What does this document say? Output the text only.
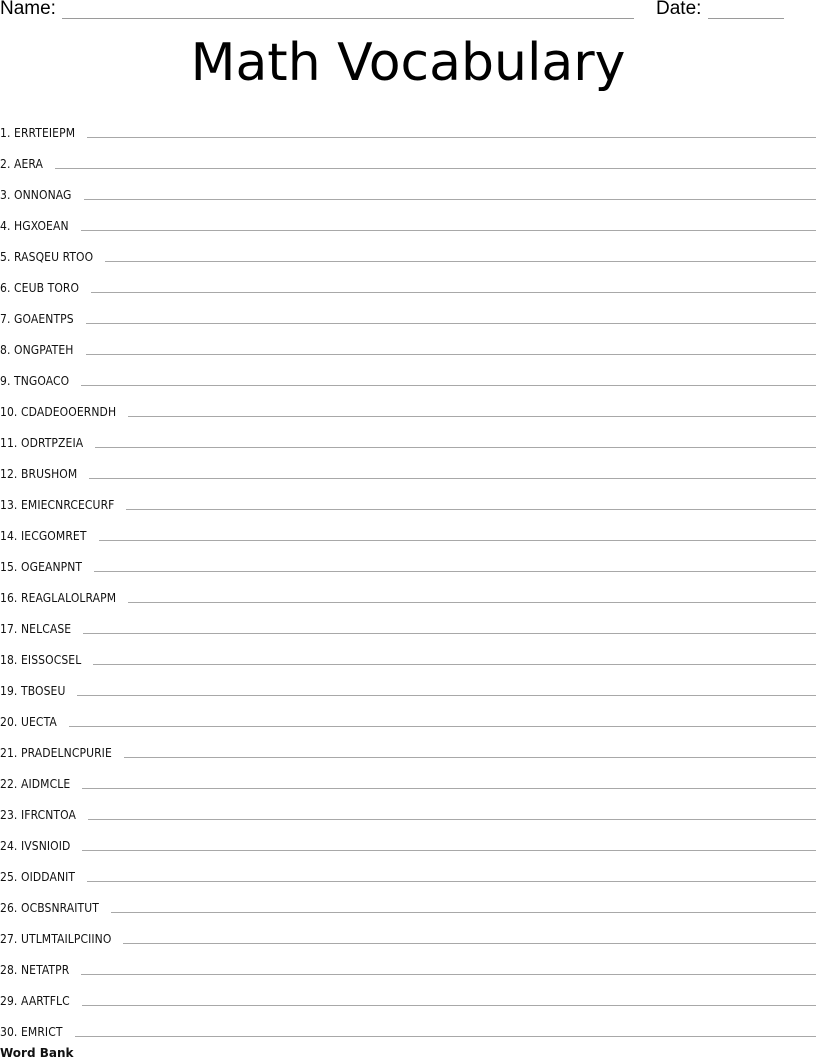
Name:	Date:
Math Vocabulary
1. ERRTEIEPM
2. AERA
3. ONNONAG
4. HGXOEAN
5. RASQEU RTOO
6. CEUB TORO
7. GOAENTPS
8. ONGPATEH
9. TNGOACO
10. CDADEOOERNDH
11. ODRTPZEIA
12. BRUSHOM
13. EMIECNRCECURF
14. IECGOMRET
15. OGEANPNT
16. REAGLALOLRAPM
17. NELCASE
18. EISSOCSEL
19. TBOSEU
20. UECTA
21. PRADELNCPURIE
22. AIDMCLE
23. IFRCNTOA
24. IVSNIOID
25. OIDDANIT
26. OCBSNRAITUT
27. UTLMTAILPCIINO
28. NETATPR
29. AARTFLC
30. EMRICT
Word Bank
